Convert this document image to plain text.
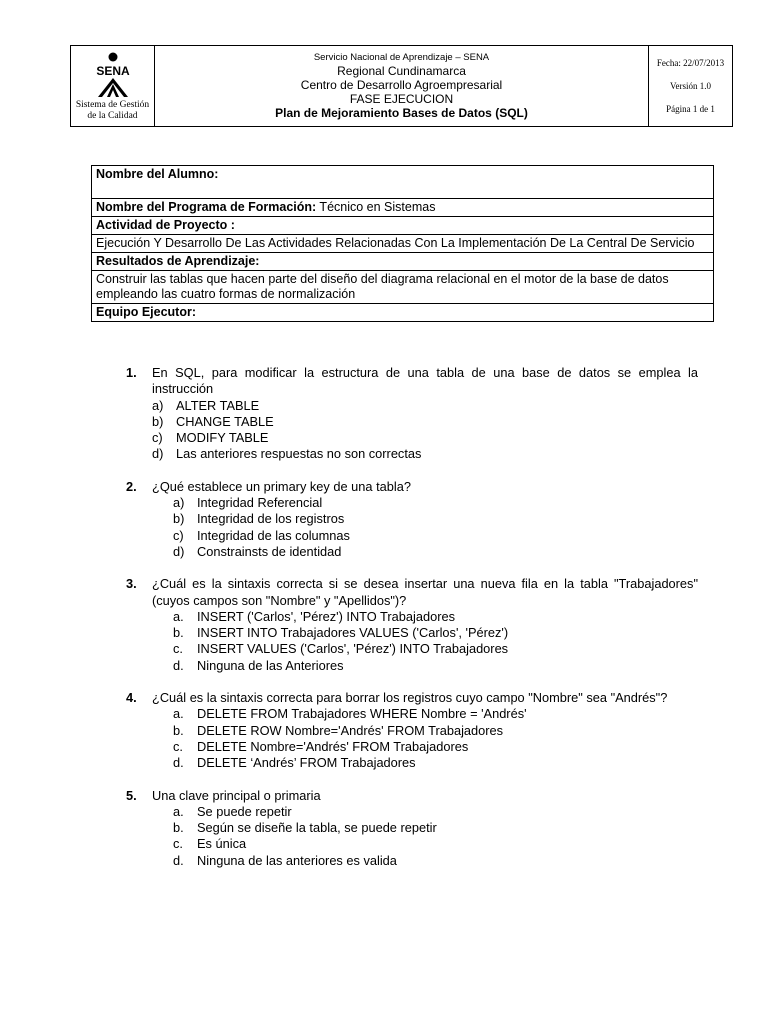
SENA
Sistema de Gestión
de la Calidad
Servicio Nacional de Aprendizaje – SENA
Regional Cundinamarca
Centro de Desarrollo Agroempresarial
FASE EJECUCION
Plan de Mejoramiento Bases de Datos (SQL)
Fecha: 22/07/2013
Versión 1.0
Página 1 de 1
Nombre del Alumno:
Nombre del Programa de Formación: Técnico en Sistemas
Actividad de Proyecto :
Ejecución Y Desarrollo De Las Actividades Relacionadas Con La Implementación De La Central De Servicio
Resultados de Aprendizaje:
Construir las tablas que hacen parte del diseño del diagrama relacional en el motor de la base de datos empleando las cuatro formas de normalización
Equipo Ejecutor:
1.	En SQL, para modificar la estructura de una tabla de una base de datos se emplea la instrucción
a) ALTER TABLE
b) CHANGE TABLE
c)	MODIFY TABLE
d) Las anteriores respuestas no son correctas
2.	¿Qué establece un primary key de una tabla?
a) Integridad Referencial
b) Integridad de los registros
c)	Integridad de las columnas
d) Constrainsts de identidad
3.	¿Cuál es la sintaxis correcta si se desea insertar una nueva fila en la tabla "Trabajadores" (cuyos campos son "Nombre" y "Apellidos")?
a.	INSERT ('Carlos', 'Pérez') INTO Trabajadores
b.	INSERT INTO Trabajadores VALUES ('Carlos', 'Pérez')
c.	INSERT VALUES ('Carlos', 'Pérez') INTO Trabajadores
d.	Ninguna de las Anteriores
4.	¿Cuál es la sintaxis correcta para borrar los registros cuyo campo "Nombre" sea "Andrés"?
a.	DELETE FROM Trabajadores WHERE Nombre = 'Andrés'
b.	DELETE ROW Nombre='Andrés' FROM Trabajadores
c.	DELETE Nombre='Andrés' FROM Trabajadores
d.	DELETE ‘Andrés’ FROM Trabajadores
5.	Una clave principal o primaria
a.	Se puede repetir
b.	Según se diseñe la tabla, se puede repetir
c.	Es única
d.	Ninguna de las anteriores es valida
